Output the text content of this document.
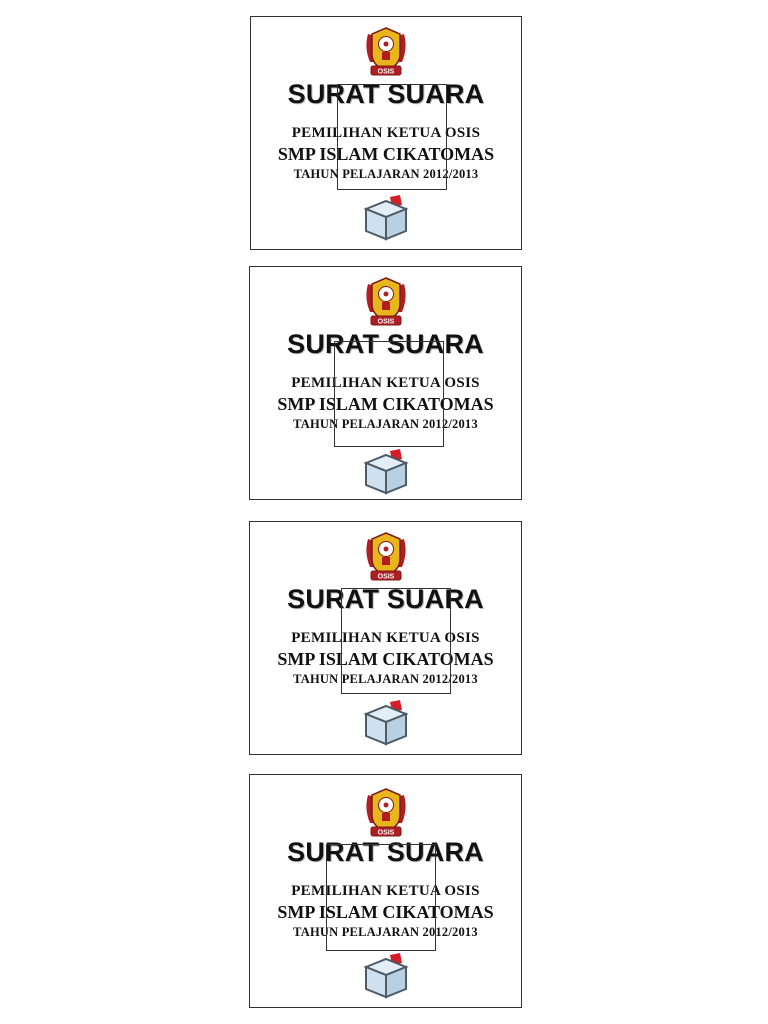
OSIS
SURAT SUARA
PEMILIHAN KETUA OSIS
SMP ISLAM CIKATOMAS
TAHUN PELAJARAN 2012/2013
OSIS
SURAT SUARA
PEMILIHAN KETUA OSIS
SMP ISLAM CIKATOMAS
TAHUN PELAJARAN 2012/2013
OSIS
SURAT SUARA
PEMILIHAN KETUA OSIS
SMP ISLAM CIKATOMAS
TAHUN PELAJARAN 2012/2013
OSIS
SURAT SUARA
PEMILIHAN KETUA OSIS
SMP ISLAM CIKATOMAS
TAHUN PELAJARAN 2012/2013
